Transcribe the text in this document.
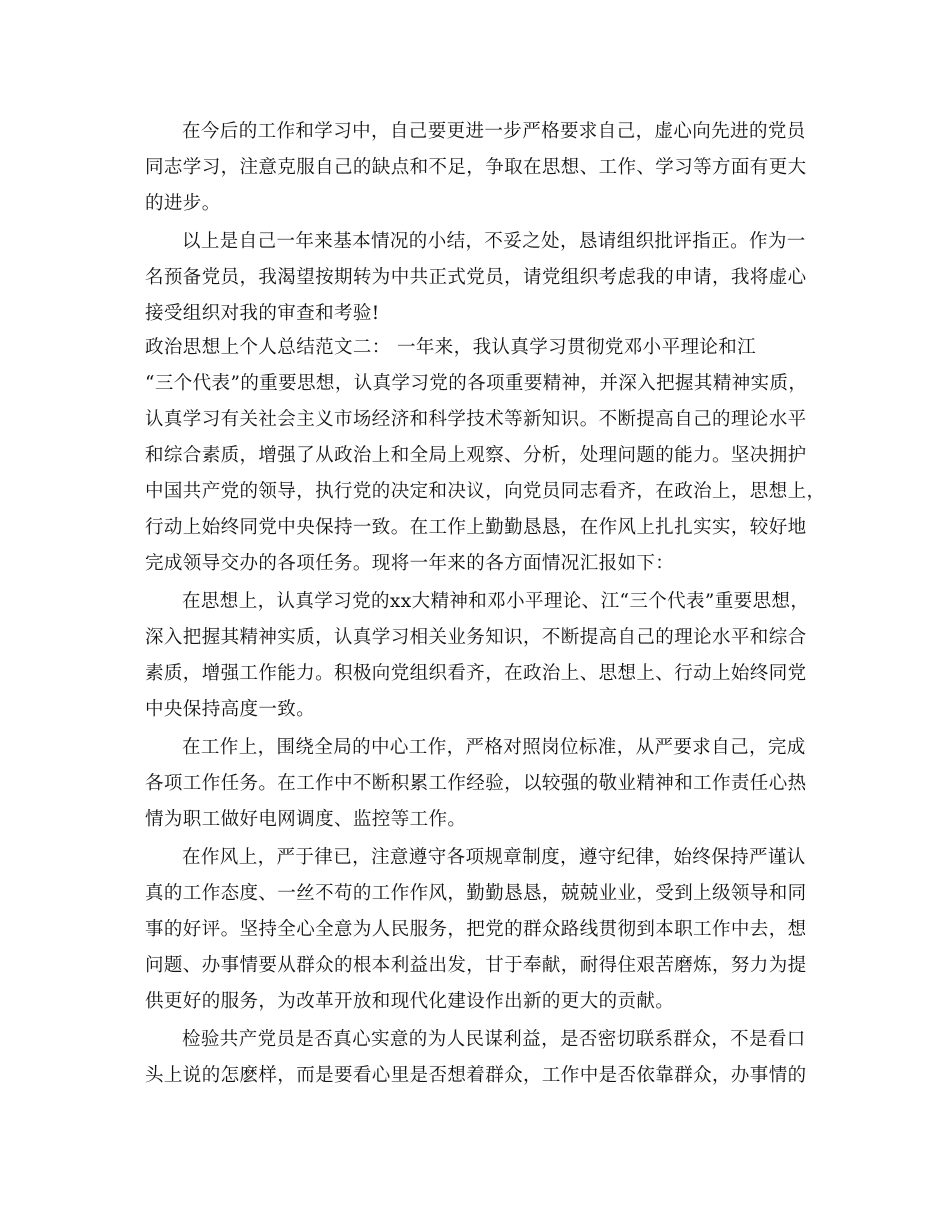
在今后的工作和学习中，自己要更进一步严格要求自己，虚心向先进的党员
同志学习，注意克服自己的缺点和不足，争取在思想、工作、学习等方面有更大
的进步。
以上是自己一年来基本情况的小结，不妥之处，恳请组织批评指正。作为一
名预备党员，我渴望按期转为中共正式党员，请党组织考虑我的申请，我将虚心
接受组织对我的审查和考验!
政治思想上个人总结范文二： 一年来，我认真学习贯彻党邓小平理论和江
“三个代表”的重要思想，认真学习党的各项重要精神，并深入把握其精神实质，
认真学习有关社会主义市场经济和科学技术等新知识。不断提高自己的理论水平
和综合素质，增强了从政治上和全局上观察、分析，处理问题的能力。坚决拥护
中国共产党的领导，执行党的决定和决议，向党员同志看齐，在政治上，思想上，
行动上始终同党中央保持一致。在工作上勤勤恳恳，在作风上扎扎实实，较好地
完成领导交办的各项任务。现将一年来的各方面情况汇报如下：
在思想上，认真学习党的xx大精神和邓小平理论、江“三个代表”重要思想，
深入把握其精神实质，认真学习相关业务知识，不断提高自己的理论水平和综合
素质，增强工作能力。积极向党组织看齐，在政治上、思想上、行动上始终同党
中央保持高度一致。
在工作上，围绕全局的中心工作，严格对照岗位标准，从严要求自己，完成
各项工作任务。在工作中不断积累工作经验，以较强的敬业精神和工作责任心热
情为职工做好电网调度、监控等工作。
在作风上，严于律已，注意遵守各项规章制度，遵守纪律，始终保持严谨认
真的工作态度、一丝不苟的工作作风，勤勤恳恳，兢兢业业，受到上级领导和同
事的好评。坚持全心全意为人民服务，把党的群众路线贯彻到本职工作中去，想
问题、办事情要从群众的根本利益出发，甘于奉献，耐得住艰苦磨炼，努力为提
供更好的服务，为改革开放和现代化建设作出新的更大的贡献。
检验共产党员是否真心实意的为人民谋利益，是否密切联系群众，不是看口
头上说的怎麽样，而是要看心里是否想着群众，工作中是否依靠群众，办事情的
